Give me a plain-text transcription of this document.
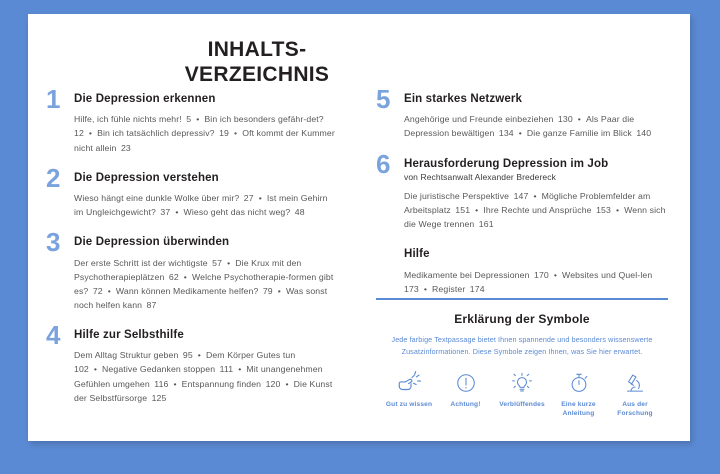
INHALTS-
VERZEICHNIS
1	Die Depression erkennen
Hilfe, ich fühle nichts mehr! 5 • Bin ich besonders gefähr-det? 12 • Bin ich tatsächlich depressiv? 19 • Oft kommt der Kummer nicht allein 23
2	Die Depression verstehen
Wieso hängt eine dunkle Wolke über mir? 27 • Ist mein Gehirn im Ungleichgewicht? 37 • Wieso geht das nicht weg? 48
3	Die Depression überwinden
Der erste Schritt ist der wichtigste 57 • Die Krux mit den Psychotherapieplätzen 62 • Welche Psychotherapie-formen gibt es? 72 • Wann können Medikamente helfen? 79 • Was sonst noch helfen kann 87
4	Hilfe zur Selbsthilfe
Dem Alltag Struktur geben 95 • Dem Körper Gutes tun 102 • Negative Gedanken stoppen 111 • Mit unangenehmen Gefühlen umgehen 116 • Entspannung finden 120 • Die Kunst der Selbstfürsorge 125
5	Ein starkes Netzwerk
Angehörige und Freunde einbeziehen 130 • Als Paar die Depression bewältigen 134 • Die ganze Familie im Blick 140
6	Herausforderung Depression im Job
von Rechtsanwalt Alexander Bredereck
Die juristische Perspektive 147 • Mögliche Problemfelder am Arbeitsplatz 151 • Ihre Rechte und Ansprüche 153 • Wenn sich die Wege trennen 161
Hilfe
Medikamente bei Depressionen 170 • Websites und Quel-len 173 • Register 174
Erklärung der Symbole
Jede farbige Textpassage bietet Ihnen spannende und besonders wissenswerte
Zusatzinformationen. Diese Symbole zeigen Ihnen, was Sie hier erwartet.
Gut zu wissen	Achtung!	Verblüffendes	Eine kurze Anleitung
Aus der Forschung
